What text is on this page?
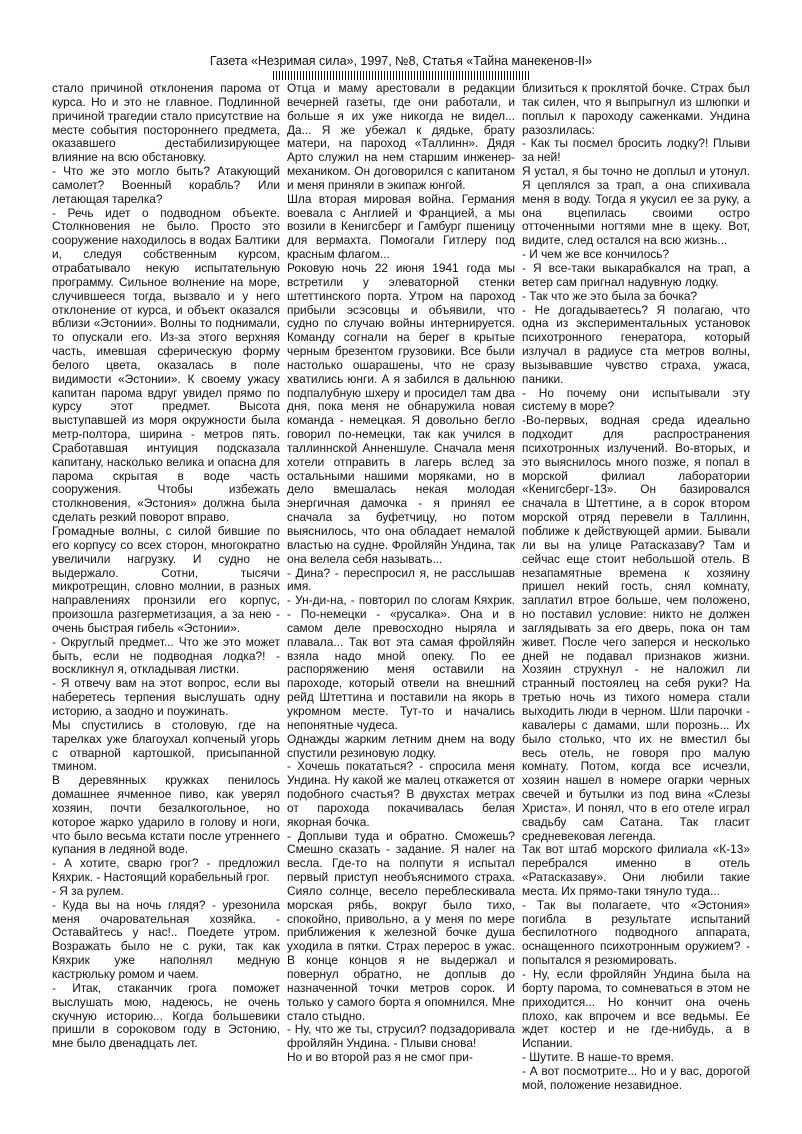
Газета «Незримая сила», 1997, №8, Статья «Тайна манекенов-II»

стало причиной отклонения парома от курса. Но и это не главное. Подлинной причиной трагедии стало присутствие на месте события постороннего предмета, оказавшего дестабилизирующее влияние на всю обстановку.

- Что же это могло быть? Атакующий самолет? Военный корабль? Или летающая тарелка?

- Речь идет о подводном объекте. Столкновения не было. Просто это сооружение находилось в водах Балтики и, следуя собственным курсом, отрабатывало некую испытательную программу. Сильное волнение на море, случившееся тогда, вызвало и у него отклонение от курса, и объект оказался вблизи «Эстонии». Волны то поднимали, то опускали его. Из-за этого верхняя часть, имевшая сферическую форму белого цвета, оказалась в поле видимости «Эстонии». К своему ужасу капитан парома вдруг увидел прямо по курсу этот предмет. Высота выступавшей из моря окружности была метр-полтора, ширина - метров пять. Сработавшая интуиция подсказала капитану, насколько велика и опасна для парома скрытая в воде часть сооружения. Чтобы избежать столкновения, «Эстония» должна была сделать резкий поворот вправо.

Громадные волны, с силой бившие по его корпусу со всех сторон, многократно увеличили нагрузку. И судно не выдержало. Сотни, тысячи микротрещин, словно молнии, в разных направлениях пронзили его корпус, произошла разгерметизация, а за нею - очень быстрая гибель «Эстонии».

- Округлый предмет... Что же это может быть, если не подводная лодка?! - воскликнул я, откладывая листки.

- Я отвечу вам на этот вопрос, если вы наберетесь терпения выслушать одну историю, а заодно и поужинать.

Мы спустились в столовую, где на тарелках уже благоухал копченый угорь с отварной картошкой, присыпанной тмином.

В деревянных кружках пенилось домашнее ячменное пиво, как уверял хозяин, почти безалкогольное, но которое жарко ударило в голову и ноги, что было весьма кстати после утреннего купания в ледяной воде.

- А хотите, сварю грог? - предложил Кяхрик. - Настоящий корабельный грог.

- Я за рулем.

- Куда вы на ночь глядя? - урезонила меня очаровательная хозяйка. - Оставайтесь у нас!.. Поедете утром. Возражать было не с руки, так как Кяхрик уже наполнял медную кастрюльку ромом и чаем.

- Итак, стаканчик грога поможет выслушать мою, надеюсь, не очень скучную историю... Когда большевики пришли в сороковом году в Эстонию, мне было двенадцать лет.

Отца и маму арестовали в редакции вечерней газеты, где они работали, и больше я их уже никогда не видел... Да... Я же убежал к дядьке, брату матери, на пароход «Таллинн». Дядя Арто служил на нем старшим инженер-механиком. Он договорился с капитаном и меня приняли в экипаж юнгой.

Шла вторая мировая война. Германия воевала с Англией и Францией, а мы возили в Кенигсберг и Гамбург пшеницу для вермахта. Помогали Гитлеру под красным флагом...

Роковую ночь 22 июня 1941 года мы встретили у элеваторной стенки штеттинского порта. Утром на пароход прибыли эсэсовцы и объявили, что судно по случаю войны интернируется. Команду согнали на берег в крытые черным брезентом грузовики. Все были настолько ошарашены, что не сразу хватились юнги. А я забился в дальнюю подпалубную шхеру и просидел там два дня, пока меня не обнаружила новая команда - немецкая. Я довольно бегло говорил по-немецки, так как учился в таллиннской Анненшуле. Сначала меня хотели отправить в лагерь вслед за остальными нашими моряками, но в дело вмешалась некая молодая энергичная дамочка - я принял ее сначала за буфетчицу, но потом выяснилось, что она обладает немалой властью на судне. Фройляйн Ундина, так она велела себя называть...

- Дина? - переспросил я, не расслышав имя.

- Ун-ди-на, - повторил по слогам Кяхрик. - По-немецки - «русалка». Она и в самом деле превосходно ныряла и плавала... Так вот эта самая фройляйн взяла надо мной опеку. По ее распоряжению меня оставили на пароходе, который отвели на внешний рейд Штеттина и поставили на якорь в укромном месте. Тут-то и начались непонятные чудеса.

Однажды жарким летним днем на воду спустили резиновую лодку.

- Хочешь покататься? - спросила меня Ундина. Ну какой же малец откажется от подобного счастья? В двухстах метрах от парохода покачивалась белая якорная бочка.

- Доплыви туда и обратно. Сможешь? Смешно сказать - задание. Я налег на весла. Где-то на полпути я испытал первый приступ необъяснимого страха. Сияло солнце, весело переблескивала морская рябь, вокруг было тихо, спокойно, привольно, а у меня по мере приближения к железной бочке душа уходила в пятки. Страх перерос в ужас. В конце концов я не выдержал и повернул обратно, не доплыв до назначенной точки метров сорок. И только у самого борта я опомнился. Мне стало стыдно.

- Ну, что же ты, струсил? подзадоривала фройляйн Ундина. - Плыви снова!

Но и во второй раз я не смог при-

близиться к проклятой бочке. Страх был так силен, что я выпрыгнул из шлюпки и поплыл к пароходу саженками. Ундина разозлилась:

- Как ты посмел бросить лодку?! Плыви за ней!

Я устал, я бы точно не доплыл и утонул. Я цеплялся за трап, а она спихивала меня в воду. Тогда я укусил ее за руку, а она вцепилась своими остро отточенными ногтями мне в щеку. Вот, видите, след остался на всю жизнь...

- И чем же все кончилось?

- Я все-таки выкарабкался на трап, а ветер сам пригнал надувную лодку.

- Так что же это была за бочка?

- Не догадываетесь? Я полагаю, что одна из экспериментальных установок психотронного генератора, который излучал в радиусе ста метров волны, вызывавшие чувство страха, ужаса, паники.

- Но почему они испытывали эту систему в море?

-Во-первых, водная среда идеально подходит для распространения психотронных излучений. Во-вторых, и это выяснилось много позже, я попал в морской филиал лаборатории «Кенигсберг-13». Он базировался сначала в Штеттине, а в сорок втором морской отряд перевели в Таллинн, поближе к действующей армии. Бывали ли вы на улице Ратасказаву? Там и сейчас еще стоит небольшой отель. В незапамятные времена к хозяину пришел некий гость, снял комнату, заплатил втрое больше, чем положено, но поставил условие: никто не должен заглядывать за его дверь, пока он там живет. После чего заперся и несколько дней не подавал признаков жизни. Хозяин струхнул - не наложил ли странный постоялец на себя руки? На третью ночь из тихого номера стали выходить люди в черном. Шли парочки - кавалеры с дамами, шли порознь... Их было столько, что их не вместил бы весь отель, не говоря про малую комнату. Потом, когда все исчезли, хозяин нашел в номере огарки черных свечей и бутылки из под вина «Слезы Христа». И понял, что в его отеле играл свадьбу сам Сатана. Так гласит средневековая легенда.

Так вот штаб морского филиала «К-13» перебрался именно в отель «Ратасказаву». Они любили такие места. Их прямо-таки тянуло туда...

- Так вы полагаете, что «Эстония» погибла в результате испытаний беспилотного подводного аппарата, оснащенного психотронным оружием? - попытался я резюмировать.

- Ну, если фройляйн Ундина была на борту парома, то сомневаться в этом не приходится... Но кончит она очень плохо, как впрочем и все ведьмы. Ее ждет костер и не где-нибудь, а в Испании.

- Шутите. В наше-то время.

- А вот посмотрите... Но и у вас, дорогой мой, положение незавидное.
